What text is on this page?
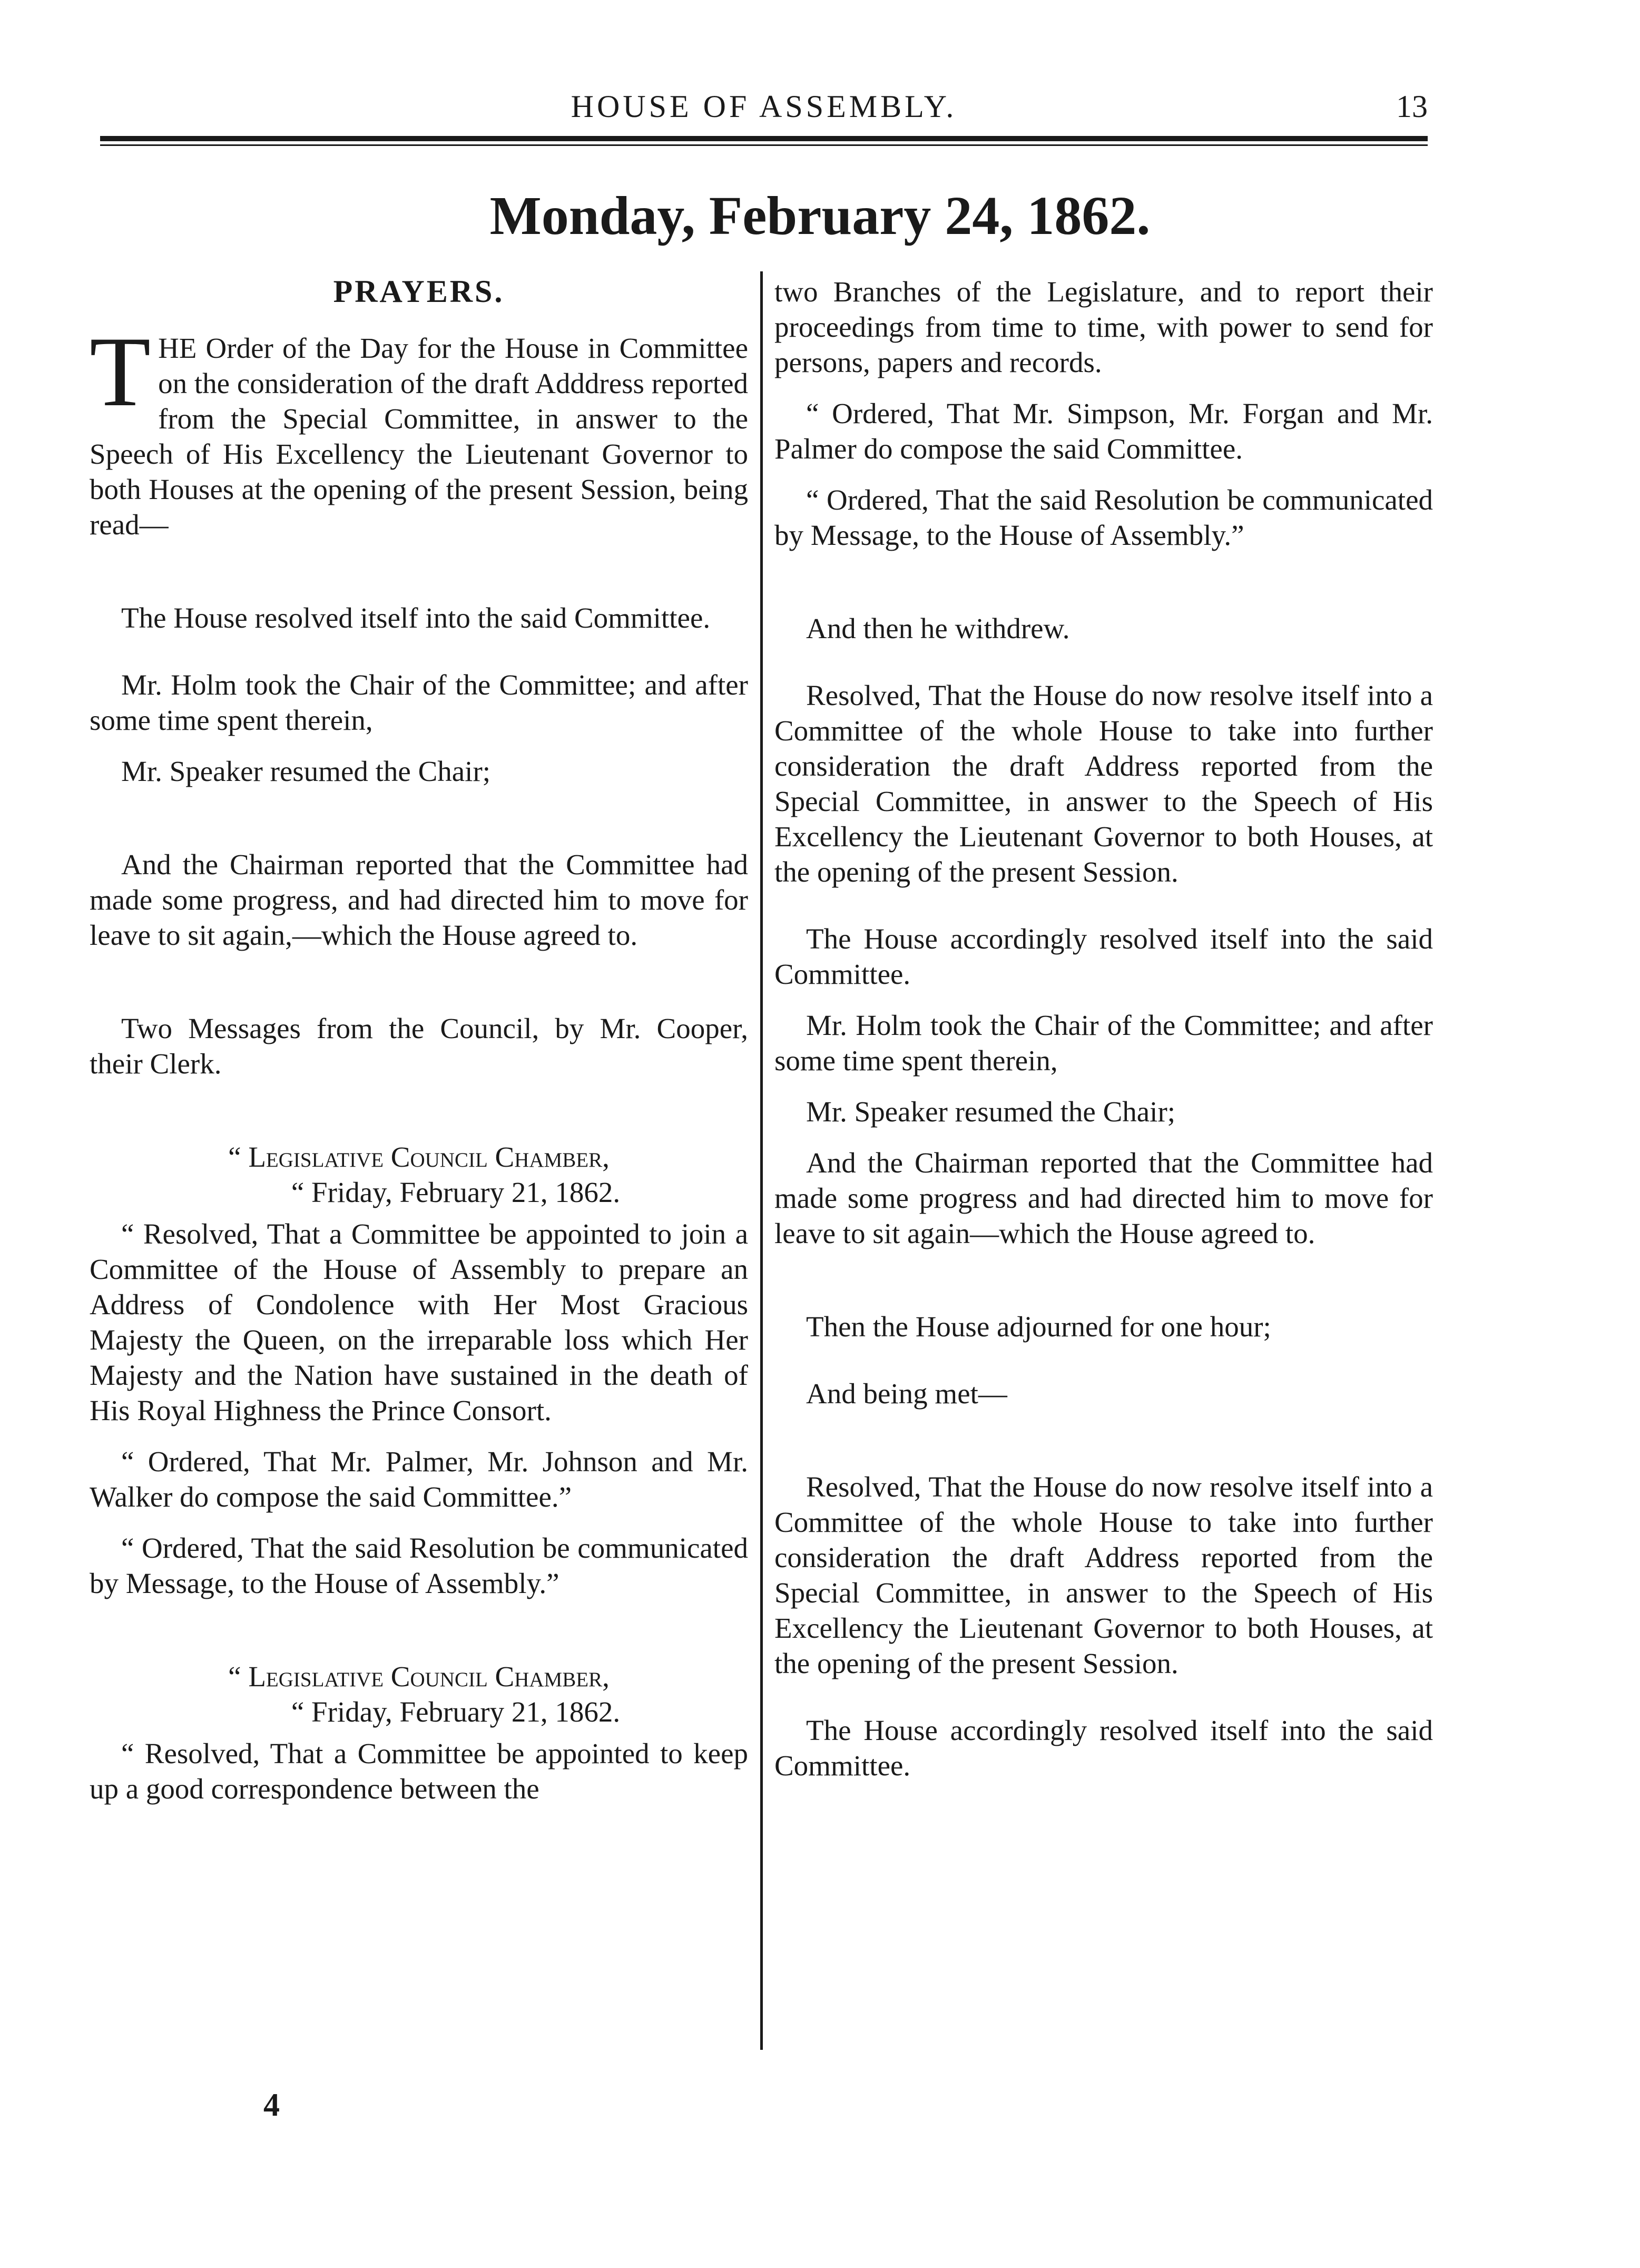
HOUSE OF ASSEMBLY.	13
Monday, February 24, 1862.

PRAYERS.

THE Order of the Day for the House in Committee on the consideration of the draft Adddress reported from the Special Committee, in answer to the Speech of His Excellency the Lieutenant Governor to both Houses at the opening of the present Session, being read—

The House resolved itself into the said Committee.

Mr. Holm took the Chair of the Committee; and after some time spent therein,

Mr. Speaker resumed the Chair;

And the Chairman reported that the Committee had made some progress, and had directed him to move for leave to sit again,—which the House agreed to.

Two Messages from the Council, by Mr. Cooper, their Clerk.

“ Legislative Council Chamber,

“ Friday, February 21, 1862.

“ Resolved, That a Committee be appointed to join a Committee of the House of Assembly to prepare an Address of Condolence with Her Most Gracious Majesty the Queen, on the irreparable loss which Her Majesty and the Nation have sustained in the death of His Royal Highness the Prince Consort.

“ Ordered, That Mr. Palmer, Mr. Johnson and Mr. Walker do compose the said Committee.”

“ Ordered, That the said Resolution be communicated by Message, to the House of Assembly.”

“ Legislative Council Chamber,

“ Friday, February 21, 1862.

“ Resolved, That a Committee be appointed to keep up a good correspondence between the

two Branches of the Legislature, and to report their proceedings from time to time, with power to send for persons, papers and records.

“ Ordered, That Mr. Simpson, Mr. Forgan and Mr. Palmer do compose the said Committee.

“ Ordered, That the said Resolution be communicated by Message, to the House of Assembly.”

And then he withdrew.

Resolved, That the House do now resolve itself into a Committee of the whole House to take into further consideration the draft Address reported from the Special Committee, in answer to the Speech of His Excellency the Lieutenant Governor to both Houses, at the opening of the present Session.

The House accordingly resolved itself into the said Committee.

Mr. Holm took the Chair of the Committee; and after some time spent therein,

Mr. Speaker resumed the Chair;

And the Chairman reported that the Committee had made some progress and had directed him to move for leave to sit again—which the House agreed to.

Then the House adjourned for one hour;

And being met—

Resolved, That the House do now resolve itself into a Committee of the whole House to take into further consideration the draft Address reported from the Special Committee, in answer to the Speech of His Excellency the Lieutenant Governor to both Houses, at the opening of the present Session.

The House accordingly resolved itself into the said Committee.

4
